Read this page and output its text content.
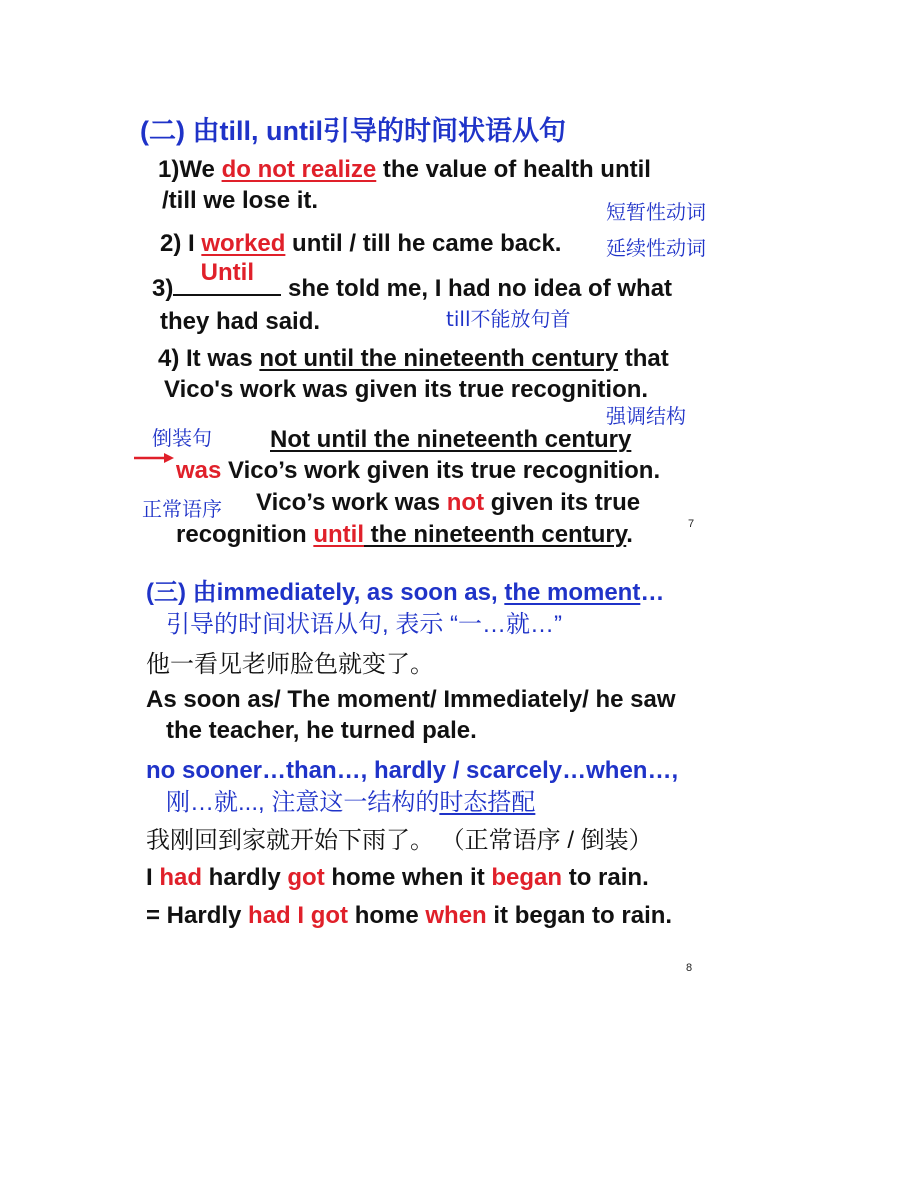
(二) 由till, until引导的时间状语从句
1)We do not realize the value of health until
/till we lose it.	短暂性动词
2) I worked until / till he came back. 延续性动词
3)
Until
she told me, I had no idea of what
they had said.	till不能放句首
4) It was not until the nineteenth century that
Vico's work was given its true recognition.
强调结构
倒装句 Not until the nineteenth century
was Vico’s work given its true recognition.
正常语序 Vico’s work was not given its true
recognition until the nineteenth century.	7
(三) 由immediately, as soon as, the moment…
引导的时间状语从句, 表示 “一…就…”
他一看见老师脸色就变了。
As soon as/ The moment/ Immediately/ he saw
the teacher, he turned pale.
no sooner…than…, hardly / scarcely…when…,
刚…就..., 注意这一结构的时态搭配
我刚回到家就开始下雨了。 （正常语序 / 倒装）
I had hardly got home when it began to rain.
= Hardly had I got home when it began to rain.
8
